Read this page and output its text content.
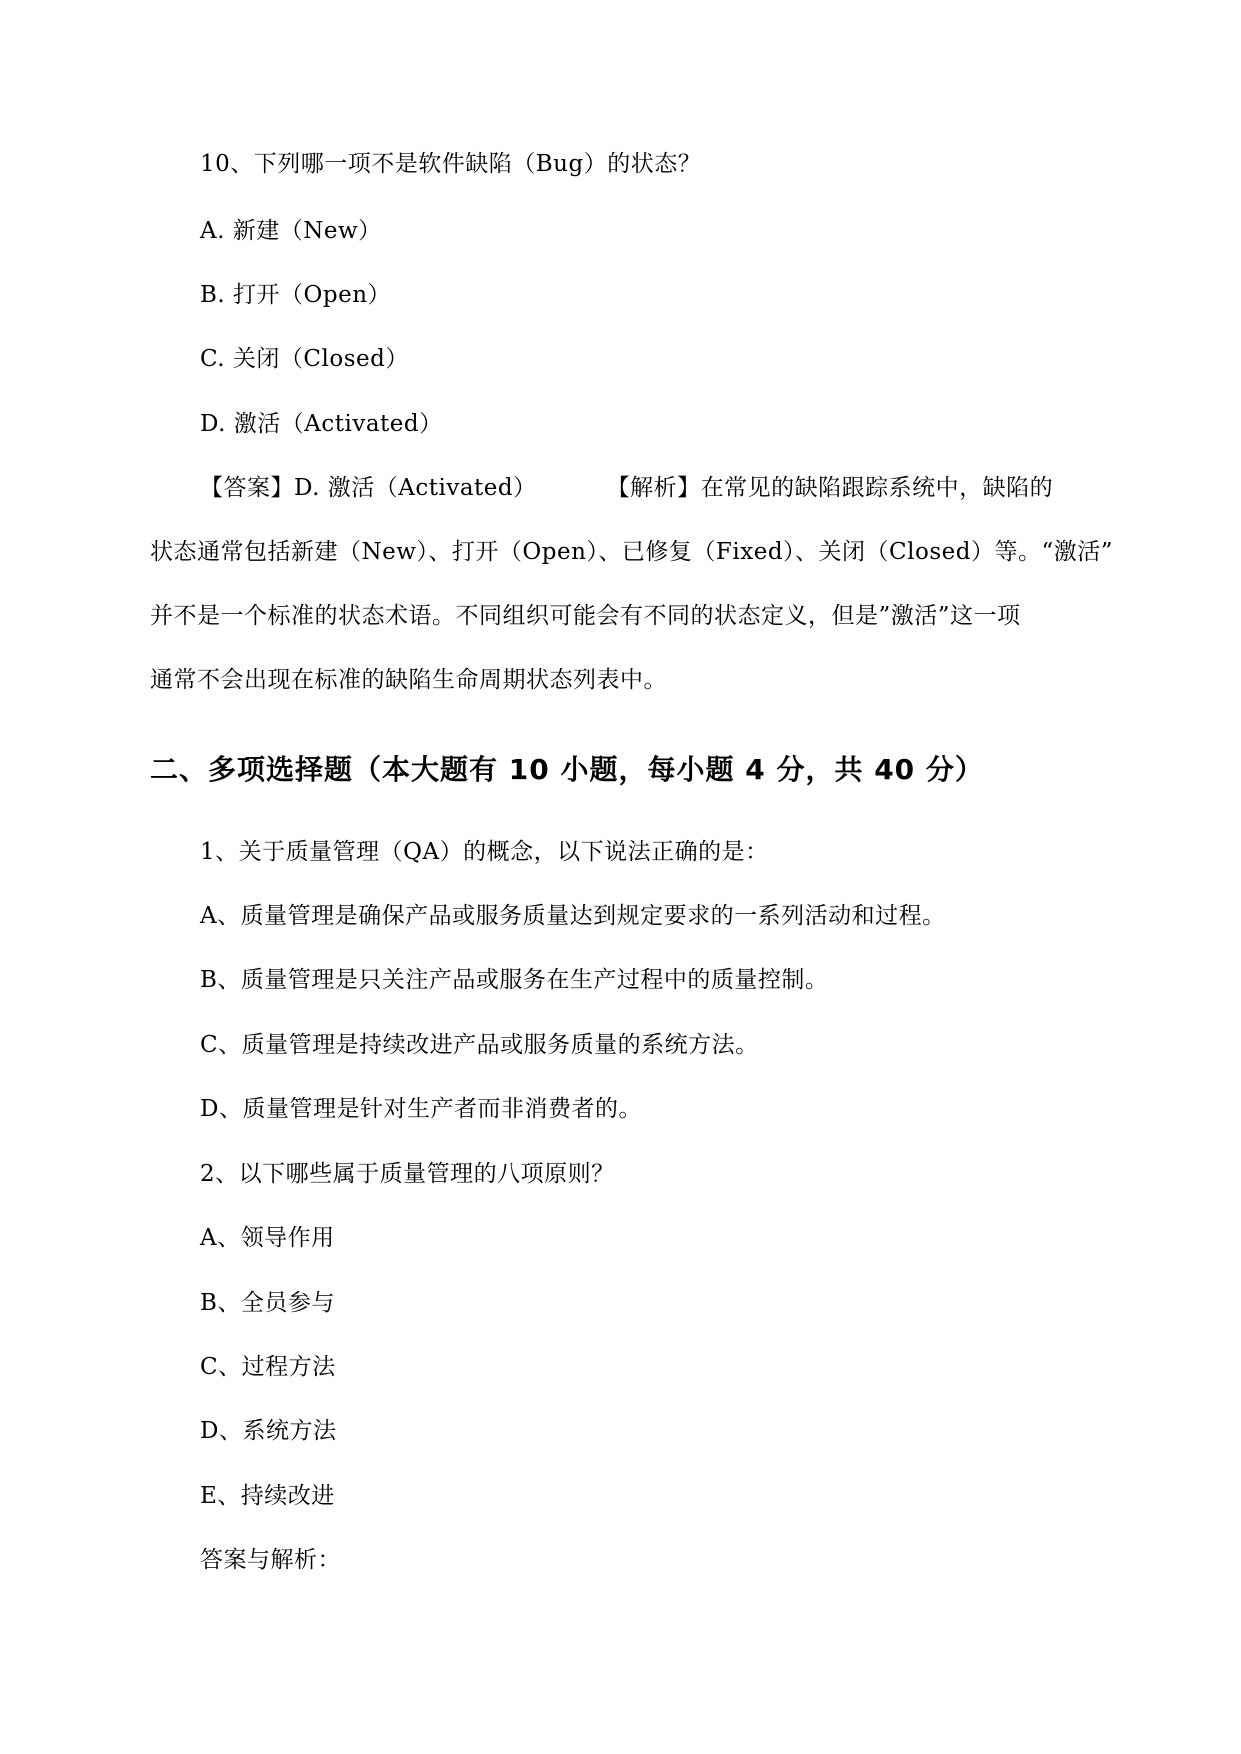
10、下列哪一项不是软件缺陷（Bug）的状态？
A. 新建（New）
B. 打开（Open）
C. 关闭（Closed）
D. 激活（Activated）
【答案】D. 激活（Activated）	【解析】在常见的缺陷跟踪系统中，缺陷的
状态通常包括新建（New）、打开（Open）、已修复（Fixed）、关闭（Closed）等。“激活”
并不是一个标准的状态术语。不同组织可能会有不同的状态定义，但是”激活”这一项
通常不会出现在标准的缺陷生命周期状态列表中。
二、多项选择题（本大题有 10 小题，每小题 4 分，共 40 分）
1、关于质量管理（QA）的概念，以下说法正确的是：
A、质量管理是确保产品或服务质量达到规定要求的一系列活动和过程。
B、质量管理是只关注产品或服务在生产过程中的质量控制。
C、质量管理是持续改进产品或服务质量的系统方法。
D、质量管理是针对生产者而非消费者的。
2、以下哪些属于质量管理的八项原则？
A、领导作用
B、全员参与
C、过程方法
D、系统方法
E、持续改进
答案与解析：
